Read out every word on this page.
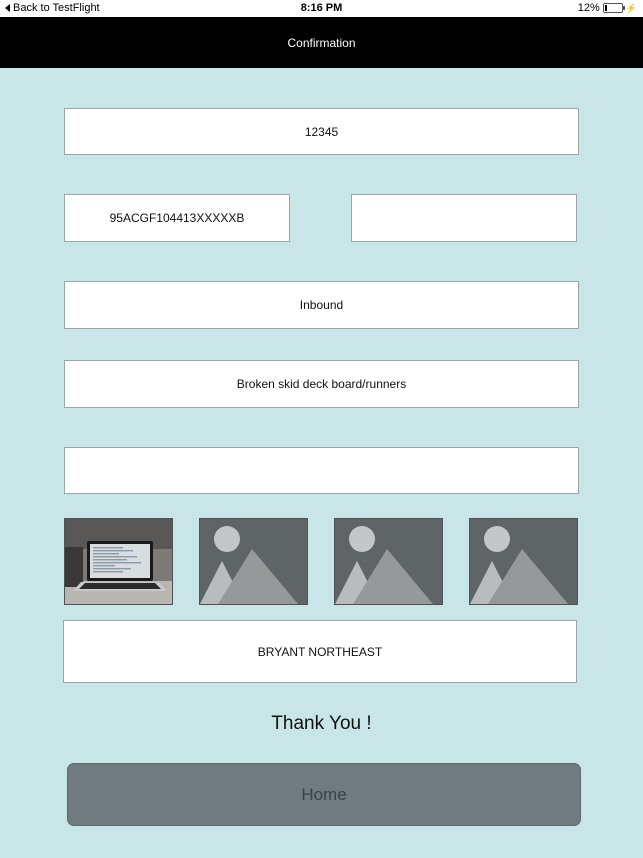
Back to TestFlight	8:16 PM	12%	⚡
Confirmation
12345
95ACGF104413XXXXXB
Inbound
Broken skid deck board/runners
BRYANT NORTHEAST
Thank You !
Home
